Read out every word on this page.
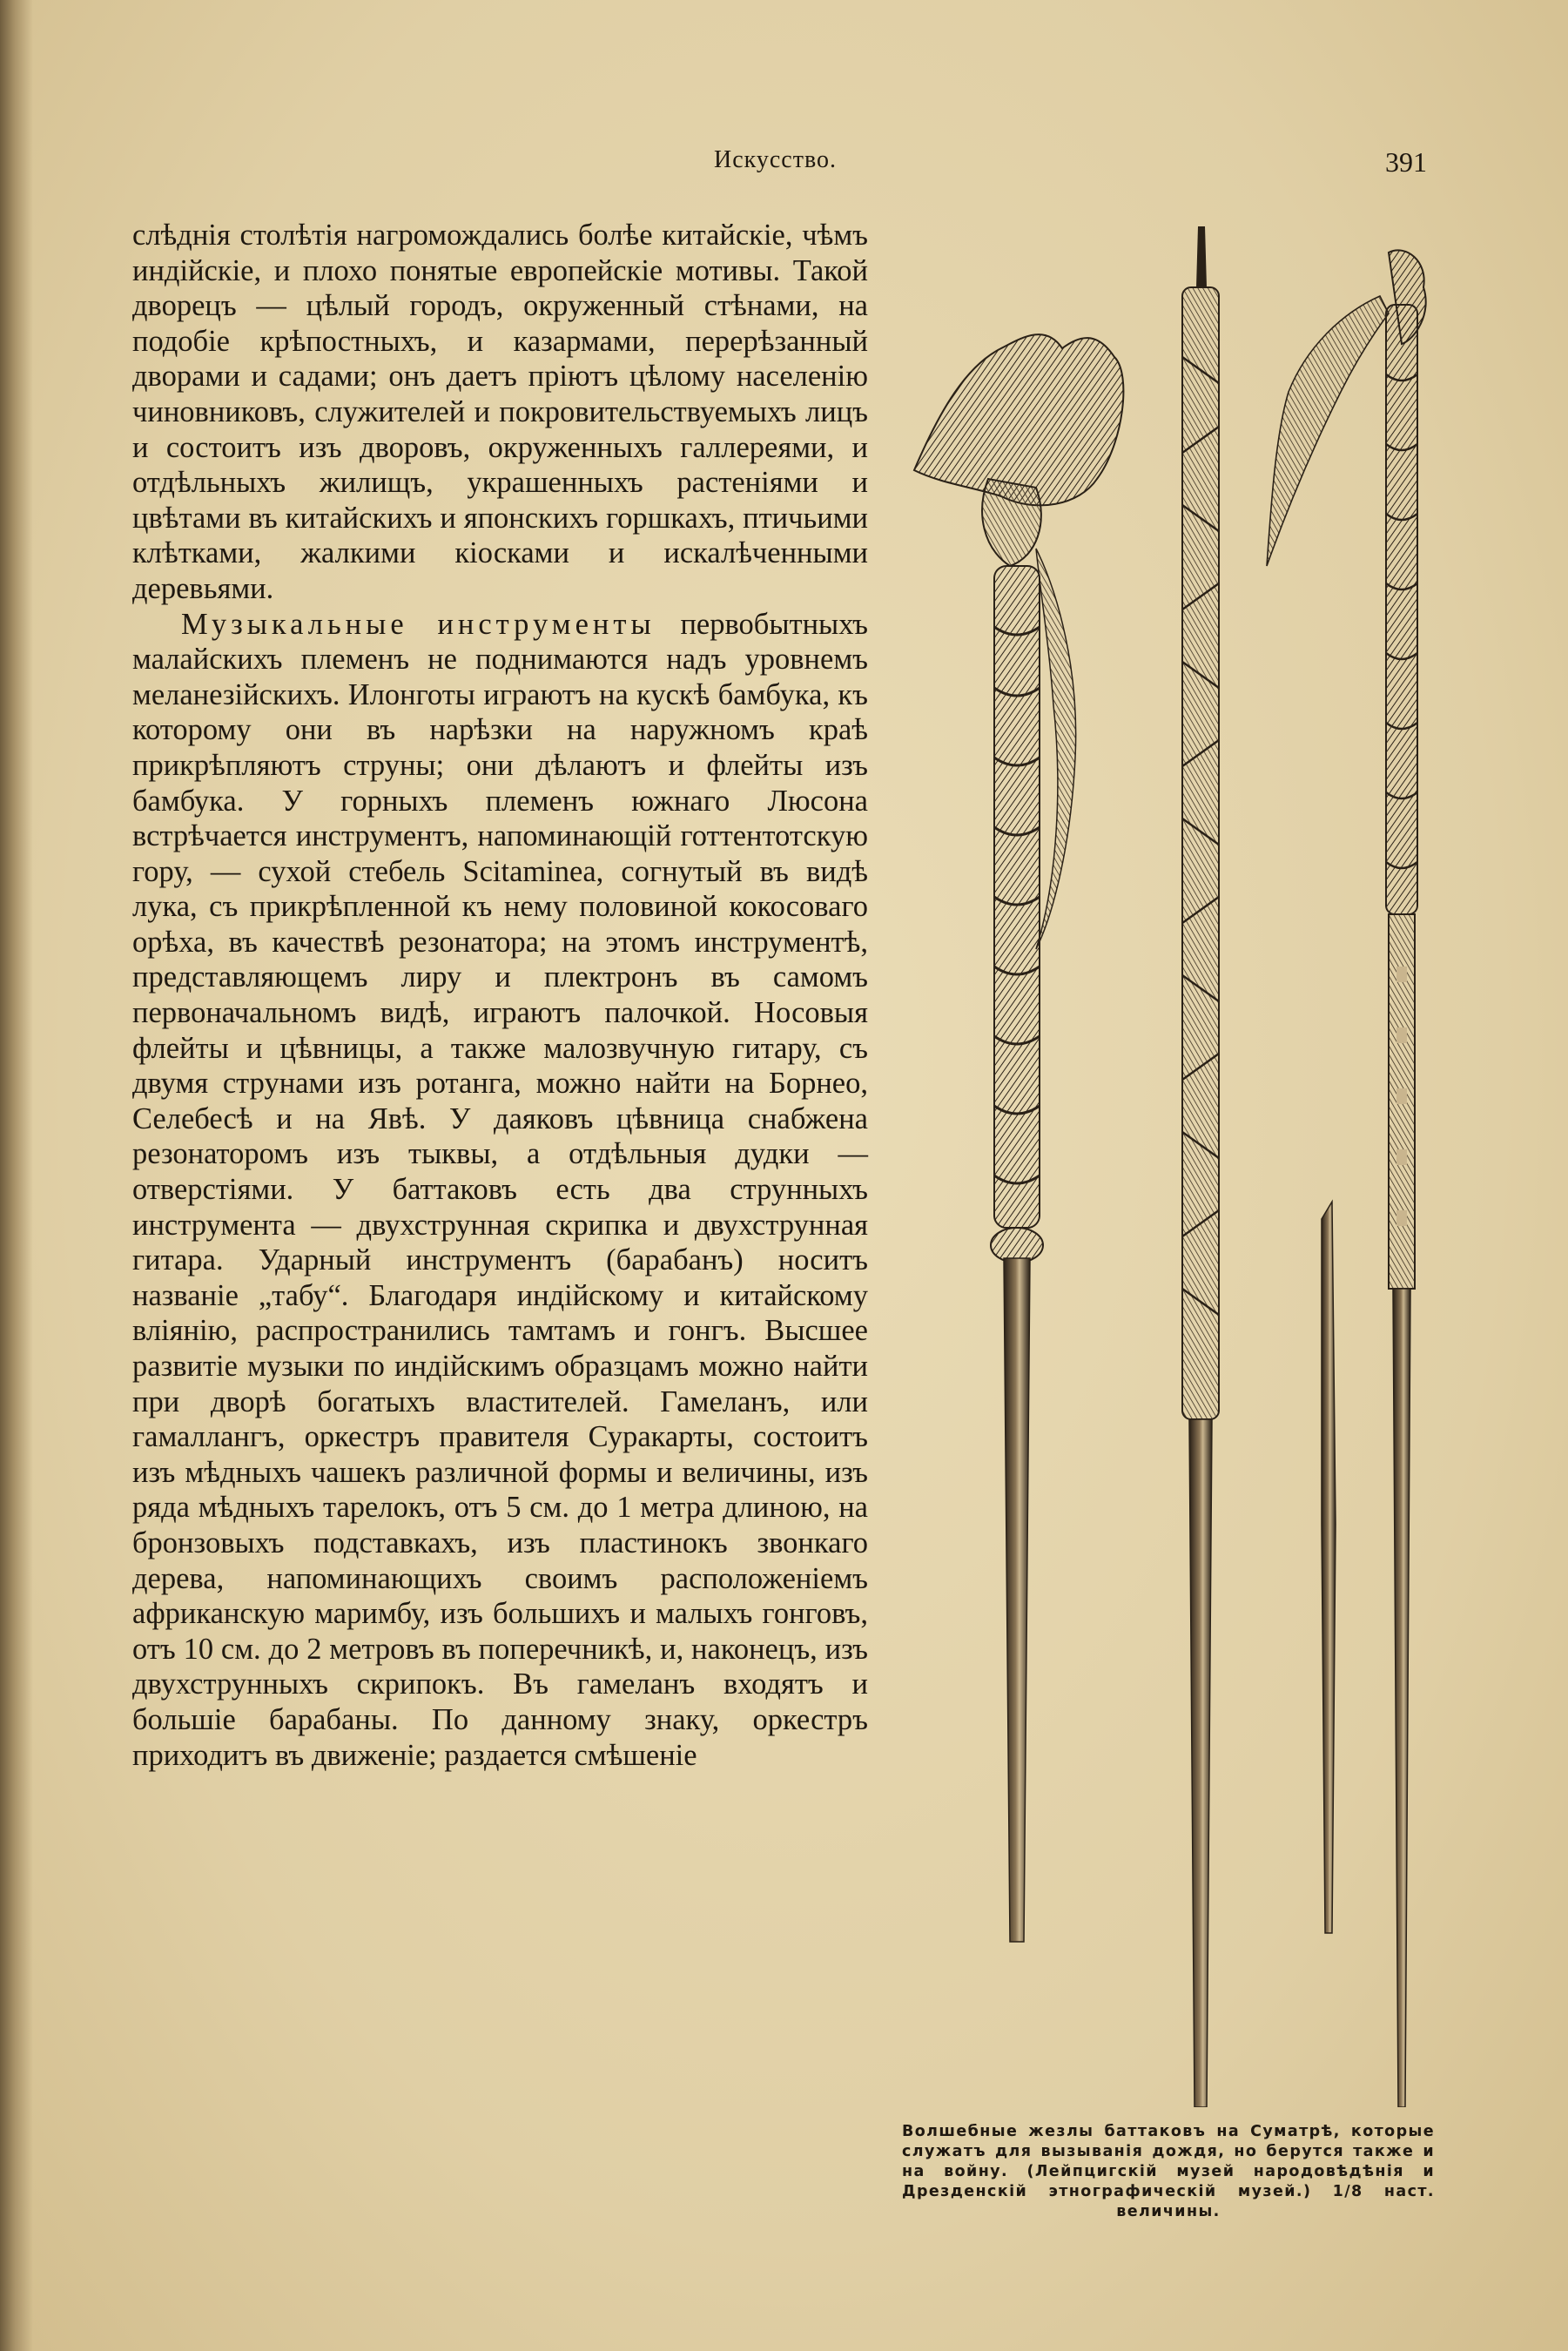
Искусство.	391

слѣднія столѣтія нагромождались болѣе китайскіе, чѣмъ индійскіе, и плохо понятые европейскіе мотивы. Такой дворецъ — цѣлый городъ, окруженный стѣнами, на подобіе крѣпостныхъ, и казармами, перерѣзанный дворами и садами; онъ даетъ пріютъ цѣлому населенію чиновниковъ, служителей и покровительствуемыхъ лицъ и состоитъ изъ дворовъ, окруженныхъ галлереями, и отдѣльныхъ жилищъ, украшенныхъ растеніями и цвѣтами въ китайскихъ и японскихъ горшкахъ, птичьими клѣтками, жалкими кіосками и искалѣченными деревьями.

Музыкальные инструменты первобытныхъ малайскихъ племенъ не поднимаются надъ уровнемъ меланезійскихъ. Илонготы играютъ на кускѣ бамбука, къ которому они въ нарѣзки на наружномъ краѣ прикрѣпляютъ струны; они дѣлаютъ и флейты изъ бамбука. У горныхъ племенъ южнаго Люсона встрѣчается инструментъ, напоминающій готтентотскую гору, — сухой стебель Scitaminea, согнутый въ видѣ лука, съ прикрѣпленной къ нему половиной кокосоваго орѣха, въ качествѣ резонатора; на этомъ инструментѣ, представляющемъ лиру и плектронъ въ самомъ первоначальномъ видѣ, играютъ палочкой. Носовыя флейты и цѣвницы, а также малозвучную гитару, съ двумя струнами изъ ротанга, можно найти на Борнео, Селебесѣ и на Явѣ. У даяковъ цѣвница снабжена резонаторомъ изъ тыквы, а отдѣльныя дудки — отверстіями. У баттаковъ есть два струнныхъ инструмента — двухструнная скрипка и двухструнная гитара. Ударный инструментъ (барабанъ) носитъ названіе „табу“. Благодаря индійскому и китайскому вліянію, распространились тамтамъ и гонгъ. Высшее развитіе музыки по индійскимъ образцамъ можно найти при дворѣ богатыхъ властителей. Гамеланъ, или гамаллангъ, оркестръ правителя Суракарты, состоитъ изъ мѣдныхъ чашекъ различной формы и величины, изъ ряда мѣдныхъ тарелокъ, отъ 5 см. до 1 метра длиною, на бронзовыхъ подставкахъ, изъ пластинокъ звонкаго дерева, напоминающихъ своимъ расположеніемъ африканскую маримбу, изъ большихъ и малыхъ гонговъ, отъ 10 см. до 2 метровъ въ поперечникѣ, и, наконецъ, изъ двухструнныхъ скрипокъ. Въ гамеланъ входятъ и большіе барабаны. По данному знаку, оркестръ приходитъ въ движеніе; раздается смѣшеніе

Волшебные жезлы баттаковъ на Суматрѣ, которые служатъ для вызыванія дождя, но берутся также и на войну. (Лейпцигскій музей народовѣдѣнія и Дрезденскій этнографическій музей.) 1/8 наст. величины.
